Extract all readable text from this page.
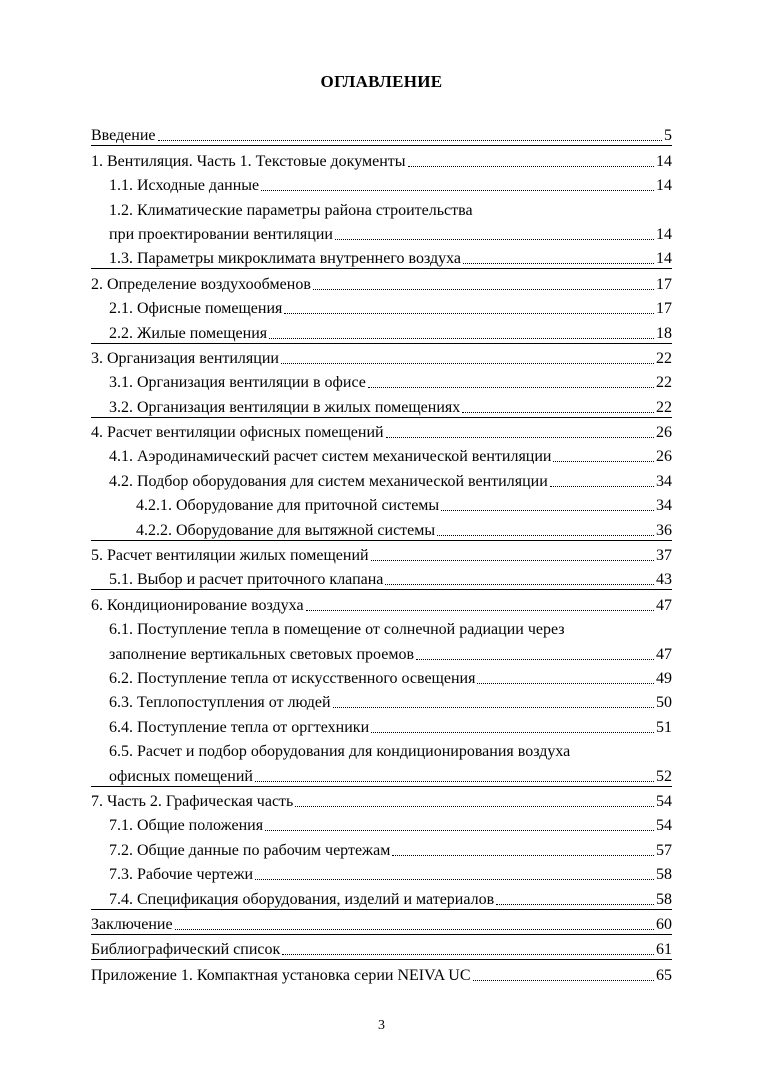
ОГЛАВЛЕНИЕ
Введение	5
1. Вентиляция. Часть 1. Текстовые документы	14
1.1. Исходные данные	14
1.2. Климатические параметры района строительства
при проектировании вентиляции	14
1.3. Параметры микроклимата внутреннего воздуха	14
2. Определение воздухообменов	17
2.1. Офисные помещения	17
2.2. Жилые помещения	18
3. Организация вентиляции	22
3.1. Организация вентиляции в офисе	22
3.2. Организация вентиляции в жилых помещениях	22
4. Расчет вентиляции офисных помещений	26
4.1. Аэродинамический расчет систем механической вентиляции	26
4.2. Подбор оборудования для систем механической вентиляции	34
4.2.1. Оборудование для приточной системы	34
4.2.2. Оборудование для вытяжной системы	36
5. Расчет вентиляции жилых помещений	37
5.1. Выбор и расчет приточного клапана	43
6. Кондиционирование воздуха	47
6.1. Поступление тепла в помещение от солнечной радиации через
заполнение вертикальных световых проемов	47
6.2. Поступление тепла от искусственного освещения	49
6.3. Теплопоступления от людей	50
6.4. Поступление тепла от оргтехники	51
6.5. Расчет и подбор оборудования для кондиционирования воздуха
офисных помещений	52
7. Часть 2. Графическая часть	54
7.1. Общие положения	54
7.2. Общие данные по рабочим чертежам	57
7.3. Рабочие чертежи	58
7.4. Спецификация оборудования, изделий и материалов	58
Заключение	60
Библиографический список	61
Приложение 1. Компактная установка серии NEIVA UC	65
3
